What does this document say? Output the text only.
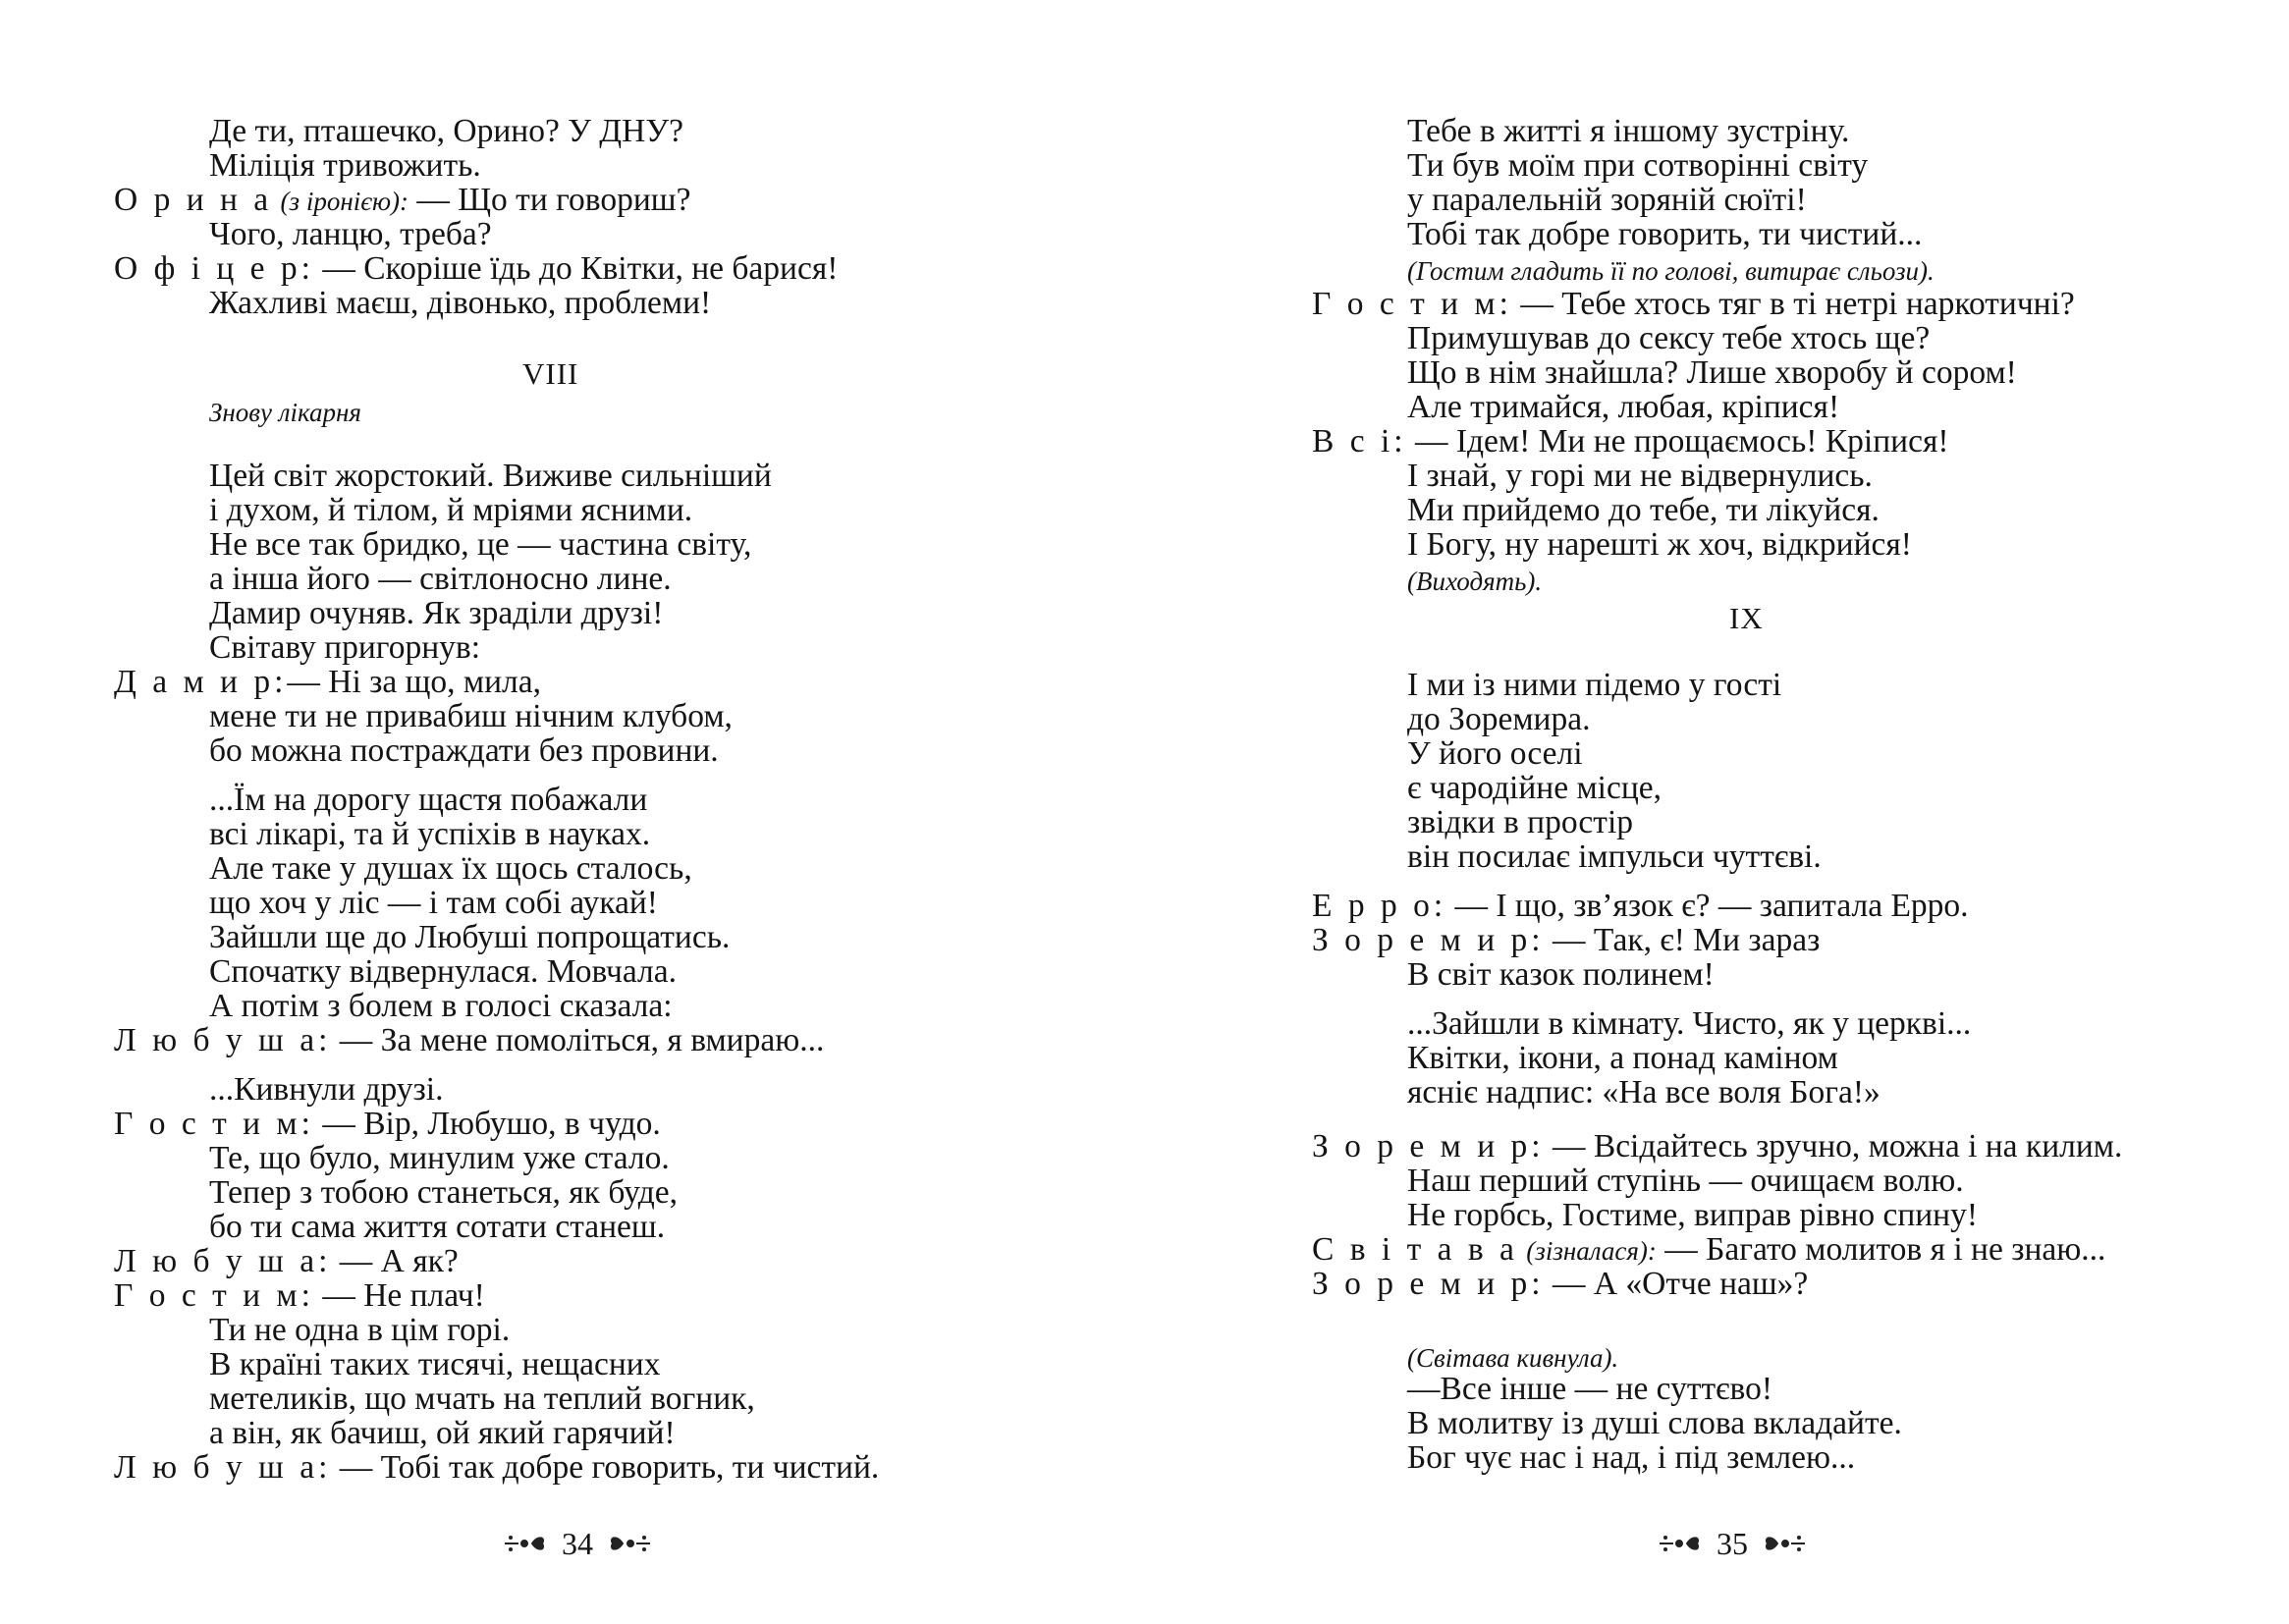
Де ти, пташечко, Орино? У ДНУ?
Міліція тривожить.
О р и н а (з іронією): — Що ти говориш?
Чого, ланцю, треба?
О ф і ц е р: — Скоріше їдь до Квітки, не барися!
Жахливі маєш, дівонько, проблеми!
VIII
Знову лікарня
Цей світ жорстокий. Виживе сильніший
і духом, й тілом, й мріями ясними.
Не все так бридко, це — частина світу,
а інша його — світлоносно лине.
Дамир очуняв. Як зраділи друзі!
Світаву пригорнув:
Д а м и р:— Ні за що, мила,
мене ти не привабиш нічним клубом,
бо можна постраждати без провини.
...Їм на дорогу щастя побажали
всі лікарі, та й успіхів в науках.
Але таке у душах їх щось сталось,
що хоч у ліс — і там собі аукай!
Зайшли ще до Любуші попрощатись.
Спочатку відвернулася. Мовчала.
А потім з болем в голосі сказала:
Л ю б у ш а: — За мене помоліться, я вмираю...
...Кивнули друзі.
Г о с т и м: — Вір, Любушо, в чудо.
Те, що було, минулим уже стало.
Тепер з тобою станеться, як буде,
бо ти сама життя сотати станеш.
Л ю б у ш а: — А як?
Г о с т и м: — Не плач!
Ти не одна в цім горі.
В країні таких тисячі, нещасних
метеликів, що мчать на теплий вогник,
а він, як бачиш, ой який гарячий!
Л ю б у ш а: — Тобі так добре говорить, ти чистий.
34
Тебе в житті я іншому зустріну.
Ти був моїм при сотворінні світу
у паралельній зоряній сюїті!
Тобі так добре говорить, ти чистий...
(Гостим гладить її по голові, витирає сльози).
Г о с т и м: — Тебе хтось тяг в ті нетрі наркотичні?
Примушував до сексу тебе хтось ще?
Що в нім знайшла? Лише хворобу й сором!
Але тримайся, любая, кріпися!
В с і: — Ідем! Ми не прощаємось! Кріпися!
І знай, у горі ми не відвернулись.
Ми прийдемо до тебе, ти лікуйся.
І Богу, ну нарешті ж хоч, відкрийся!
(Виходять).
IX
І ми із ними підемо у гості
до Зоремира.
У його оселі
є чародійне місце,
звідки в простір
він посилає імпульси чуттєві.
Е р р о: — І що, зв’язок є? — запитала Ерро.
З о р е м и р: — Так, є! Ми зараз
В світ казок полинем!
...Зайшли в кімнату. Чисто, як у церкві...
Квітки, ікони, а понад каміном
ясніє надпис: «На все воля Бога!»
З о р е м и р: — Всідайтесь зручно, можна і на килим.
Наш перший ступінь — очищаєм волю.
Не горбсь, Гостиме, виправ рівно спину!
С в і т а в а (зізналася): — Багато молитов я і не знаю...
З о р е м и р: — А «Отче наш»?
(Світава кивнула).
—Все інше — не суттєво!
В молитву із душі слова вкладайте.
Бог чує нас і над, і під землею...
35
